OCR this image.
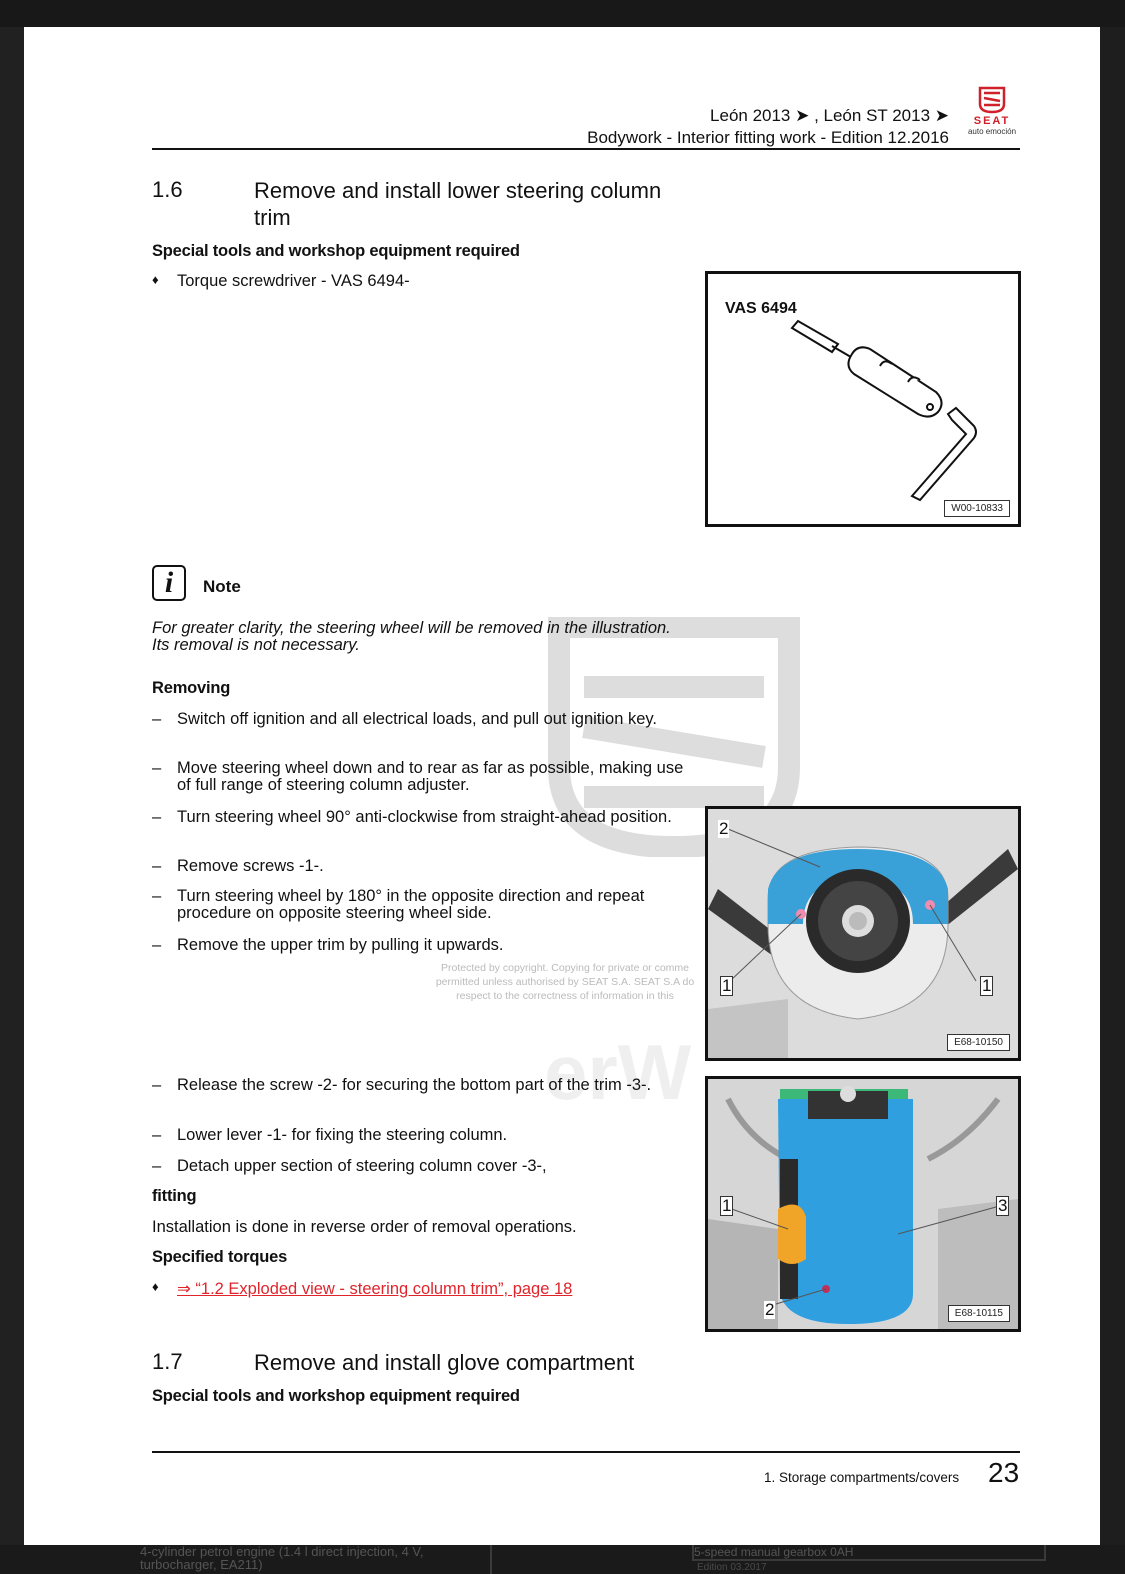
León 2013 ➤ , León ST 2013 ➤
Bodywork - Interior fitting work - Edition 12.2016
SEAT
auto emoción
erW
Protected by copyright. Copying for private or comme
permitted unless authorised by SEAT S.A. SEAT S.A do
respect to the correctness of information in this
1.6	Remove and install lower steering column trim
Special tools and workshop equipment required
♦ Torque screwdriver - VAS 6494-
VAS 6494
W00-10833
i	Note
For greater clarity, the steering wheel will be removed in the illustration. Its removal is not necessary.
Removing
– Switch off ignition and all electrical loads, and pull out ignition key.
– Move steering wheel down and to rear as far as possible, making use of full range of steering column adjuster.
– Turn steering wheel 90° anti-clockwise from straight-ahead position.
– Remove screws -1-.
– Turn steering wheel by 180° in the opposite direction and repeat procedure on opposite steering wheel side.
– Remove the upper trim by pulling it upwards.
2
1	1
E68-10150
– Release the screw -2- for securing the bottom part of the trim -3-.
– Lower lever -1- for fixing the steering column.
– Detach upper section of steering column cover -3-,
fitting
Installation is done in reverse order of removal operations.
Specified torques
♦ ⇒ “1.2 Exploded view - steering column trim”, page 18
1	3
2	E68-10115
1.7	Remove and install glove compartment
Special tools and workshop equipment required
1. Storage compartments/covers 23
4-cylinder petrol engine (1.4 l direct injection, 4 V,
turbocharger, EA211)
5-speed manual gearbox 0AH
Edition 03.2017
